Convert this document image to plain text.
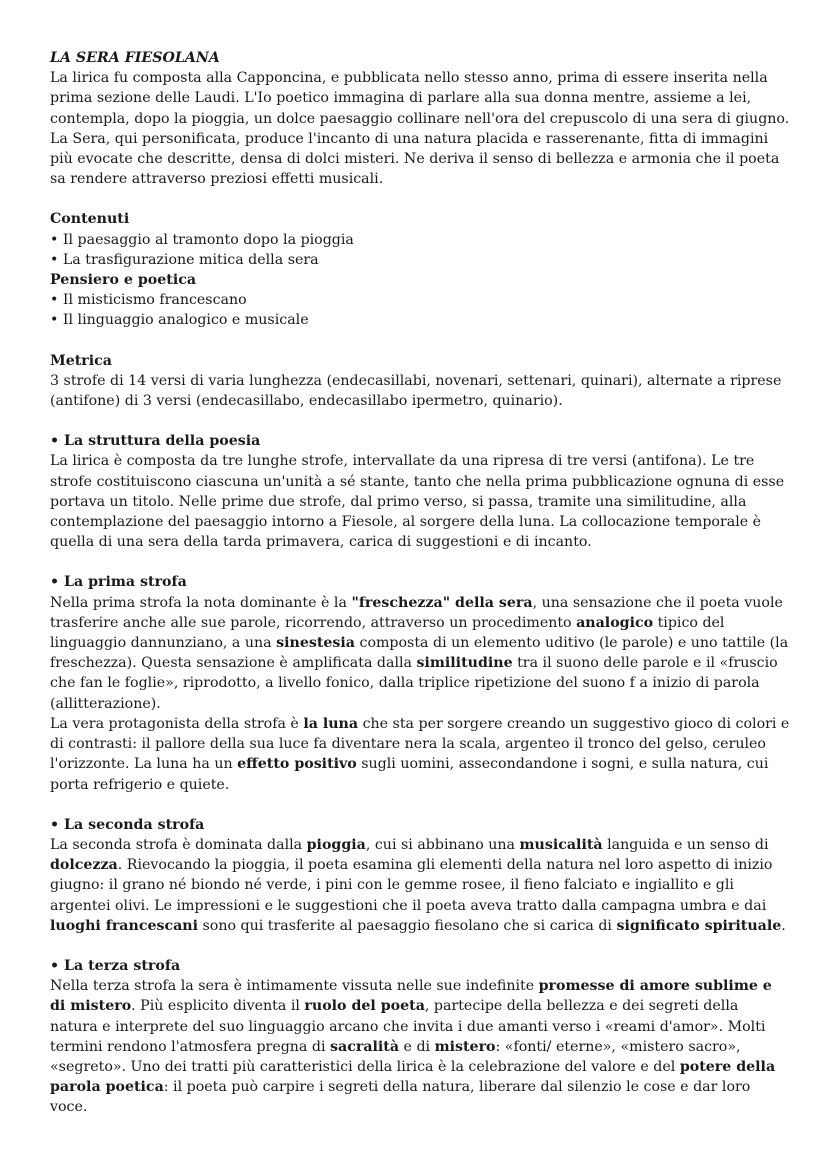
LA SERA FIESOLANA

La lirica fu composta alla Capponcina, e pubblicata nello stesso anno, prima di essere inserita nella prima sezione delle Laudi. L'Io poetico immagina di parlare alla sua donna mentre, assieme a lei, contempla, dopo la pioggia, un dolce paesaggio collinare nell'ora del crepuscolo di una sera di giugno. La Sera, qui personificata, produce l'incanto di una natura placida e rasserenante, fitta di immagini più evocate che descritte, densa di dolci misteri. Ne deriva il senso di bellezza e armonia che il poeta sa rendere attraverso preziosi effetti musicali.

Contenuti
• Il paesaggio al tramonto dopo la pioggia
• La trasfigurazione mitica della sera
Pensiero e poetica
• Il misticismo francescano
• Il linguaggio analogico e musicale
Metrica

3 strofe di 14 versi di varia lunghezza (endecasillabi, novenari, settenari, quinari), alternate a riprese (antifone) di 3 versi (endecasillabo, endecasillabo ipermetro, quinario).

• La struttura della poesia

La lirica è composta da tre lunghe strofe, intervallate da una ripresa di tre versi (antifona). Le tre strofe costituiscono ciascuna un'unità a sé stante, tanto che nella prima pubblicazione ognuna di esse portava un titolo. Nelle prime due strofe, dal primo verso, si passa, tramite una similitudine, alla contemplazione del paesaggio intorno a Fiesole, al sorgere della luna. La collocazione temporale è quella di una sera della tarda primavera, carica di suggestioni e di incanto.

• La prima strofa

Nella prima strofa la nota dominante è la "freschezza" della sera, una sensazione che il poeta vuole trasferire anche alle sue parole, ricorrendo, attraverso un procedimento analogico tipico del linguaggio dannunziano, a una sinestesia composta di un elemento uditivo (le parole) e uno tattile (la freschezza). Questa sensazione è amplificata dalla similitudine tra il suono delle parole e il «fruscio che fan le foglie», riprodotto, a livello fonico, dalla triplice ripetizione del suono f a inizio di parola (allitterazione).

La vera protagonista della strofa è la luna che sta per sorgere creando un suggestivo gioco di colori e di contrasti: il pallore della sua luce fa diventare nera la scala, argenteo il tronco del gelso, ceruleo l'orizzonte. La luna ha un effetto positivo sugli uomini, assecondandone i sogni, e sulla natura, cui porta refrigerio e quiete.

• La seconda strofa

La seconda strofa è dominata dalla pioggia, cui si abbinano una musicalità languida e un senso di dolcezza. Rievocando la pioggia, il poeta esamina gli elementi della natura nel loro aspetto di inizio giugno: il grano né biondo né verde, i pini con le gemme rosee, il fieno falciato e ingiallito e gli argentei olivi. Le impressioni e le suggestioni che il poeta aveva tratto dalla campagna umbra e dai luoghi francescani sono qui trasferite al paesaggio fiesolano che si carica di significato spirituale.

• La terza strofa

Nella terza strofa la sera è intimamente vissuta nelle sue indefinite promesse di amore sublime e di mistero. Più esplicito diventa il ruolo del poeta, partecipe della bellezza e dei segreti della natura e interprete del suo linguaggio arcano che invita i due amanti verso i «reami d'amor». Molti termini rendono l'atmosfera pregna di sacralità e di mistero: «fonti/ eterne», «mistero sacro», «segreto». Uno dei tratti più caratteristici della lirica è la celebrazione del valore e del potere della parola poetica: il poeta può carpire i segreti della natura, liberare dal silenzio le cose e dar loro voce.
